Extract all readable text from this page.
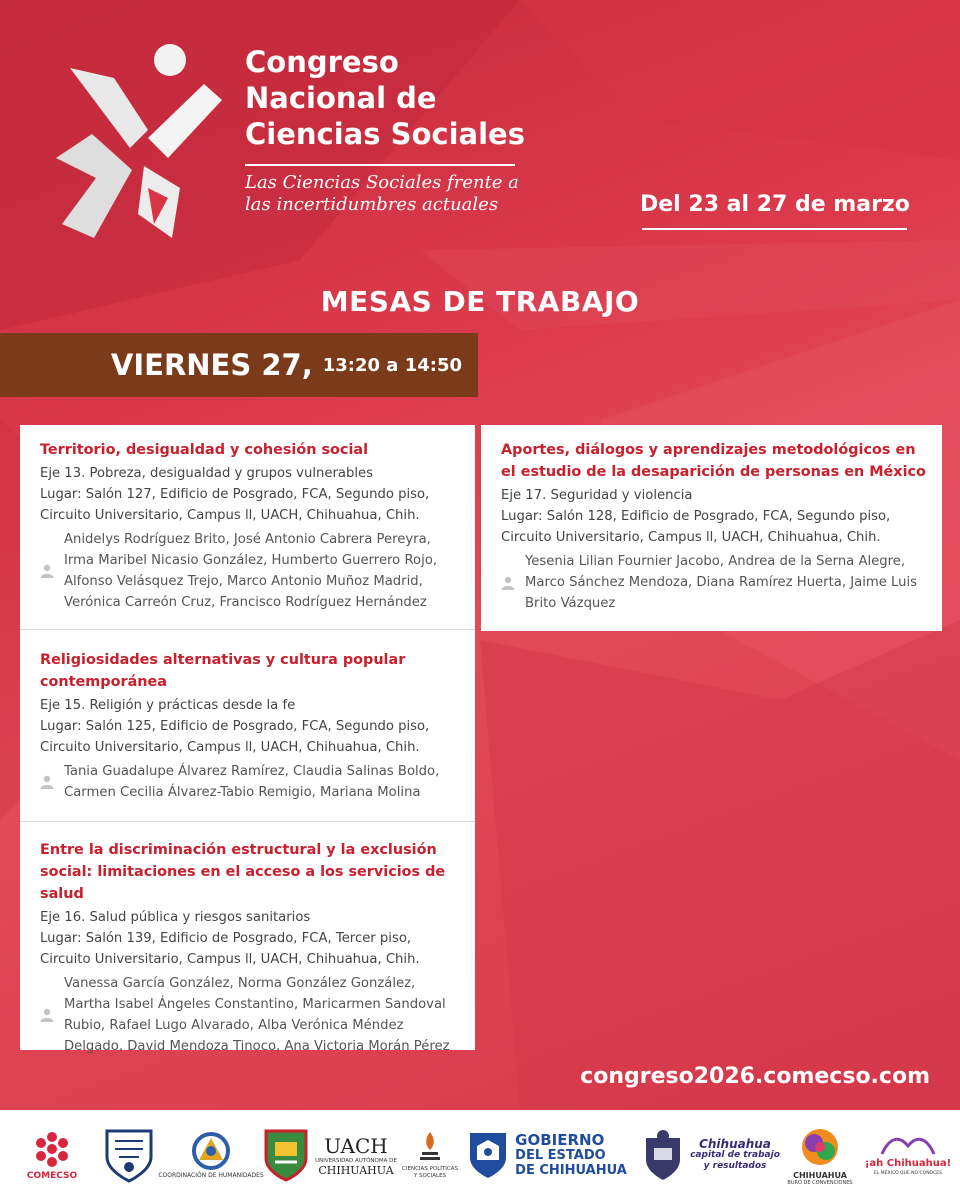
Congreso
Nacional de
Ciencias Sociales
Las Ciencias Sociales frente a las incertidumbres actuales	Del 23 al 27 de marzo
MESAS DE TRABAJO
VIERNES 27, 13:20 a 14:50
Territorio, desigualdad y cohesión social
Eje 13. Pobreza, desigualdad y grupos vulnerables
Lugar: Salón 127, Edificio de Posgrado, FCA, Segundo piso, Circuito Universitario, Campus ll, UACH, Chihuahua, Chih.
Anidelys Rodríguez Brito, José Antonio Cabrera Pereyra, Irma Maribel Nicasio González, Humberto Guerrero Rojo, Alfonso Velásquez Trejo, Marco Antonio Muñoz Madrid, Verónica Carreón Cruz, Francisco Rodríguez Hernández
Religiosidades alternativas y cultura popular contemporánea
Eje 15. Religión y prácticas desde la fe
Lugar: Salón 125, Edificio de Posgrado, FCA, Segundo piso, Circuito Universitario, Campus ll, UACH, Chihuahua, Chih.
Tania Guadalupe Álvarez Ramírez, Claudia Salinas Boldo, Carmen Cecilia Álvarez-Tabio Remigio, Mariana Molina
Entre la discriminación estructural y la exclusión social: limitaciones en el acceso a los servicios de salud
Eje 16. Salud pública y riesgos sanitarios
Lugar: Salón 139, Edificio de Posgrado, FCA, Tercer piso, Circuito Universitario, Campus ll, UACH, Chihuahua, Chih.
Vanessa García González, Norma González González, Martha Isabel Ángeles Constantino, Maricarmen Sandoval Rubio, Rafael Lugo Alvarado, Alba Verónica Méndez Delgado, David Mendoza Tinoco, Ana Victoria Morán Pérez
Aportes, diálogos y aprendizajes metodológicos en el estudio de la desaparición de personas en México
Eje 17. Seguridad y violencia
Lugar: Salón 128, Edificio de Posgrado, FCA, Segundo piso, Circuito Universitario, Campus ll, UACH, Chihuahua, Chih.
Yesenia Lilian Fournier Jacobo, Andrea de la Serna Alegre, Marco Sánchez Mendoza, Diana Ramírez Huerta, Jaime Luis Brito Vázquez
congreso2026.comecso.com
COMECSO	COORDINACIÓN DE HUMANIDADES
UACH
UNIVERSIDAD AUTÓNOMA DE
CHIHUAHUA	CIENCIAS POLÍTICAS Y SOCIALES
GOBIERNO
DEL ESTADO
DE CHIHUAHUA
Chihuahua
capital de trabajo
y resultados
CHIHUAHUA
BURÓ DE CONVENCIONES
¡ah Chihuahua!
EL MÉXICO QUE NO CONOCES
